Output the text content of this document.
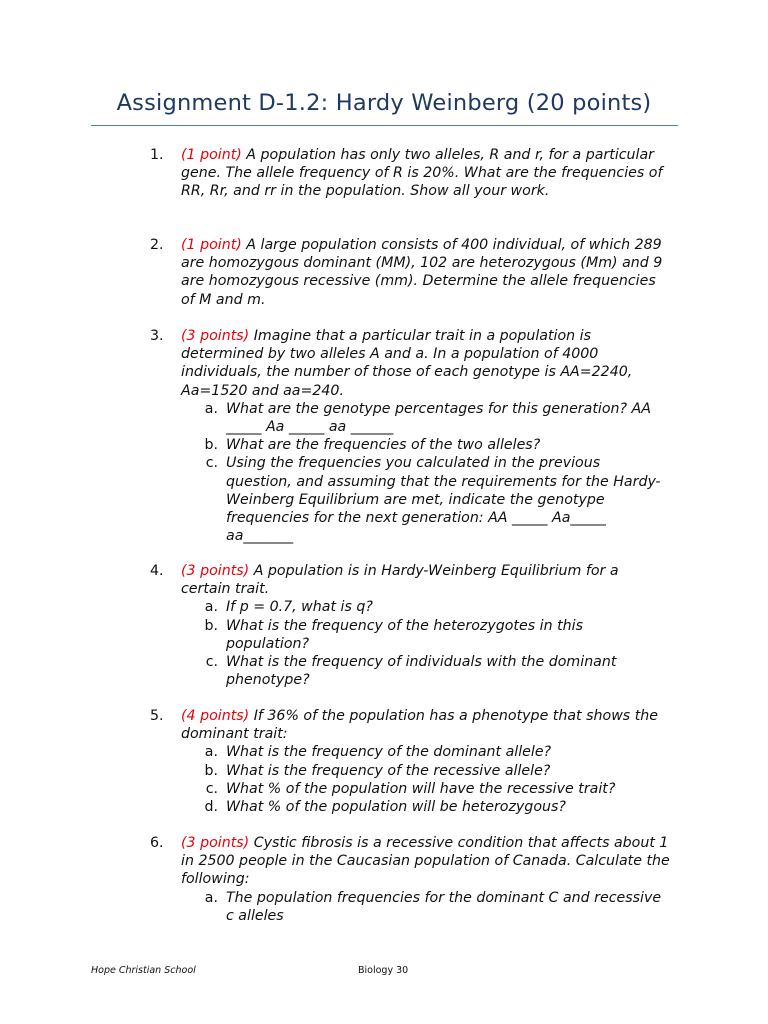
Assignment D-1.2: Hardy Weinberg (20 points)
1.	(1 point) A population has only two alleles, R and r, for a particular gene. The allele frequency of R is 20%. What are the frequencies of RR, Rr, and rr in the population. Show all your work.
2.	(1 point) A large population consists of 400 individual, of which 289 are homozygous dominant (MM), 102 are heterozygous (Mm) and 9 are homozygous recessive (mm). Determine the allele frequencies of M and m.
3.	(3 points) Imagine that a particular trait in a population is determined by two alleles A and a. In a population of 4000 individuals, the number of those of each genotype is AA=2240, Aa=1520 and aa=240.
a. What are the genotype percentages for this generation? AA _____ Aa _____ aa ______
b. What are the frequencies of the two alleles?
c. Using the frequencies you calculated in the previous question, and assuming that the requirements for the Hardy-Weinberg Equilibrium are met, indicate the genotype frequencies for the next generation: AA _____ Aa_____ aa_______
4.	(3 points) A population is in Hardy-Weinberg Equilibrium for a certain trait.
a. If p = 0.7, what is q?
b. What is the frequency of the heterozygotes in this population?
c. What is the frequency of individuals with the dominant phenotype?
5.	(4 points) If 36% of the population has a phenotype that shows the dominant trait:
a. What is the frequency of the dominant allele?
b. What is the frequency of the recessive allele?
c. What % of the population will have the recessive trait?
d. What % of the population will be heterozygous?
6.	(3 points) Cystic fibrosis is a recessive condition that affects about 1 in 2500 people in the Caucasian population of Canada. Calculate the following:
a. The population frequencies for the dominant C and recessive c alleles
Hope Christian School	Biology 30
